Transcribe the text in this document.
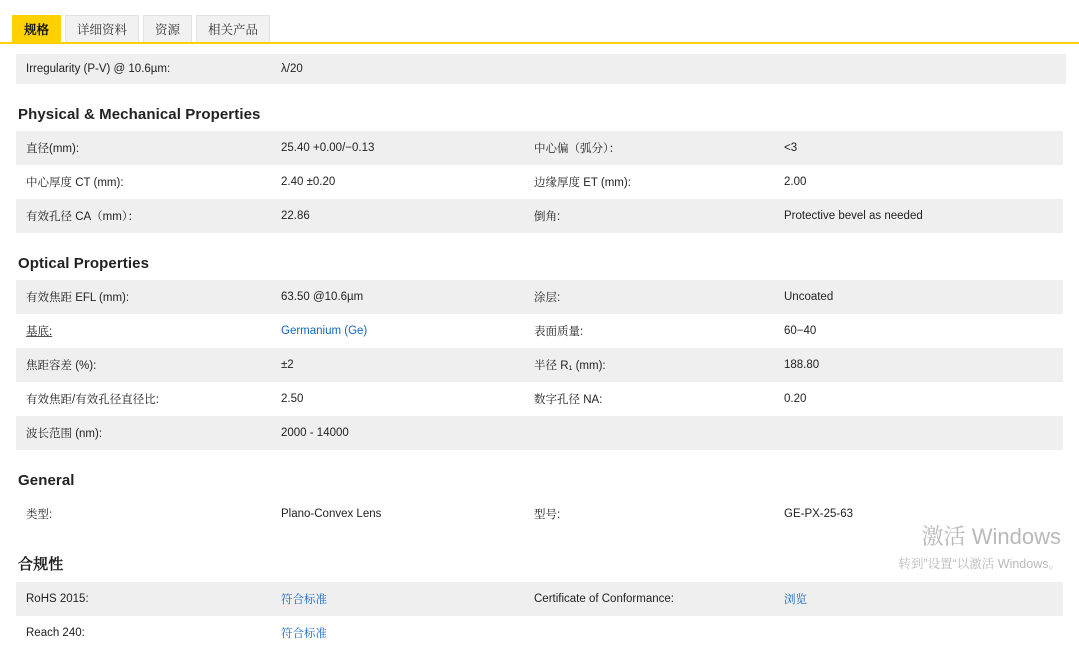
规格	详细资料	资源	相关产品
Irregularity (P-V) @ 10.6µm:	λ/20
Physical & Mechanical Properties
直径(mm):	25.40 +0.00/−0.13	中心偏（弧分）：	<3
中心厚度 CT (mm):	2.40 ±0.20	边缘厚度 ET (mm):	2.00
有效孔径 CA（mm）：	22.86	倒角:	Protective bevel as needed
Optical Properties
有效焦距 EFL (mm):	63.50 @10.6µm	涂层:	Uncoated
基底:	Germanium (Ge)	表面质量:	60−40
焦距容差 (%):	±2	半径 R₁ (mm):	188.80
有效焦距/有效孔径直径比:	2.50	数字孔径 NA:	0.20
波长范围 (nm):	2000 - 14000		
General
类型:	Plano-Convex Lens	型号:	GE-PX-25-63
合规性
RoHS 2015:	符合标准	Certificate of Conformance:	浏览
Reach 240:	符合标准		
激活 Windows
转到”设置“以激活 Windows。
